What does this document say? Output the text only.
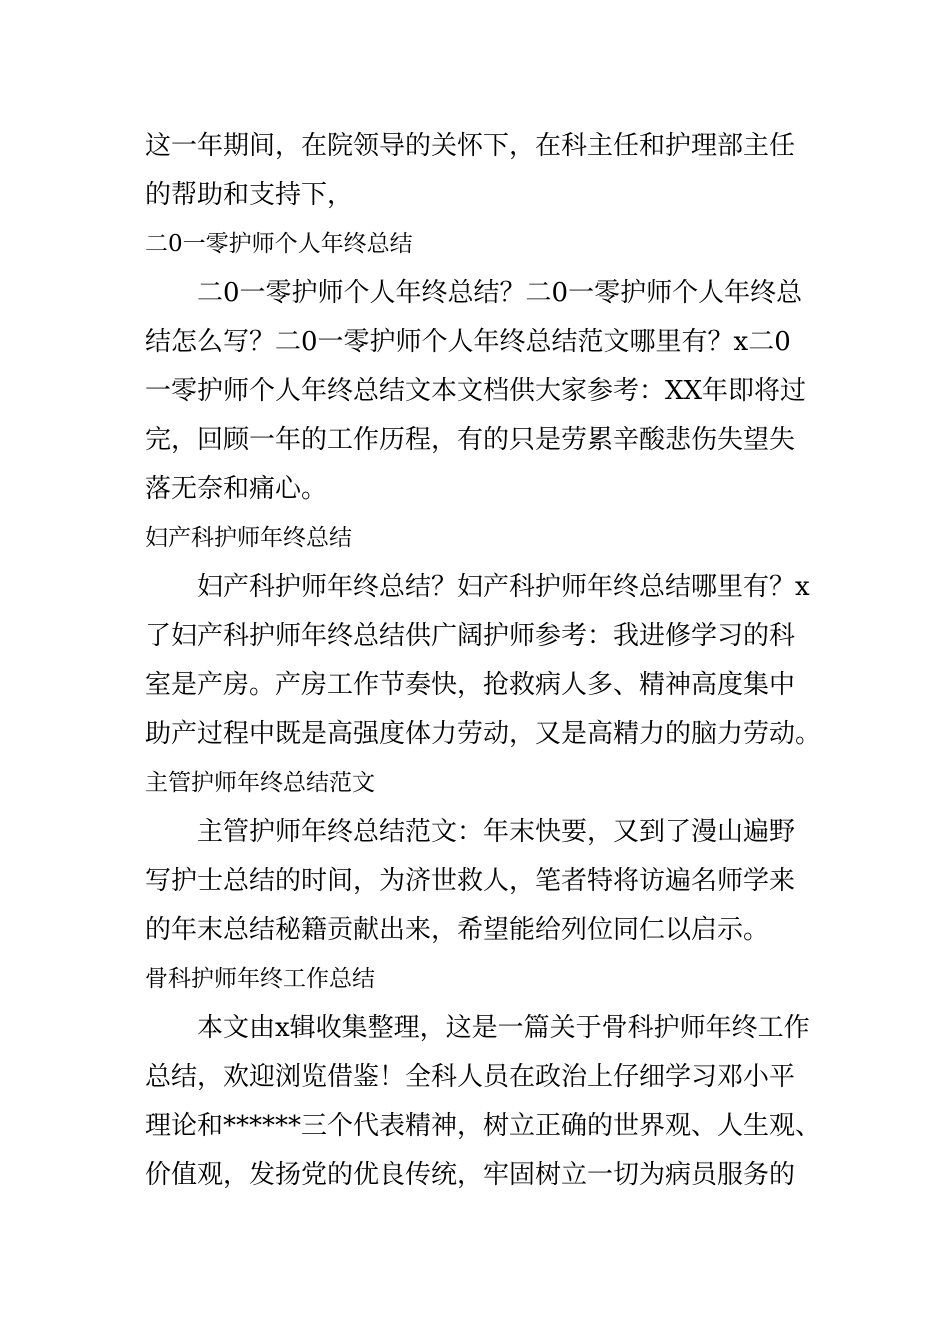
这一年期间，在院领导的关怀下，在科主任和护理部主任
的帮助和支持下，
二0一零护师个人年终总结
二0一零护师个人年终总结？二0一零护师个人年终总
结怎么写？二0一零护师个人年终总结范文哪里有？x二0
一零护师个人年终总结文本文档供大家参考：XX年即将过
完，回顾一年的工作历程，有的只是劳累辛酸悲伤失望失
落无奈和痛心。
妇产科护师年终总结
妇产科护师年终总结？妇产科护师年终总结哪里有？x
了妇产科护师年终总结供广阔护师参考：我进修学习的科
室是产房。产房工作节奏快，抢救病人多、精神高度集中
助产过程中既是高强度体力劳动，又是高精力的脑力劳动。
主管护师年终总结范文
主管护师年终总结范文：年末快要，又到了漫山遍野
写护士总结的时间，为济世救人，笔者特将访遍名师学来
的年末总结秘籍贡献出来，希望能给列位同仁以启示。
骨科护师年终工作总结
本文由x辑收集整理，这是一篇关于骨科护师年终工作
总结，欢迎浏览借鉴！全科人员在政治上仔细学习邓小平
理论和******三个代表精神，树立正确的世界观、人生观、
价值观，发扬党的优良传统，牢固树立一切为病员服务的
